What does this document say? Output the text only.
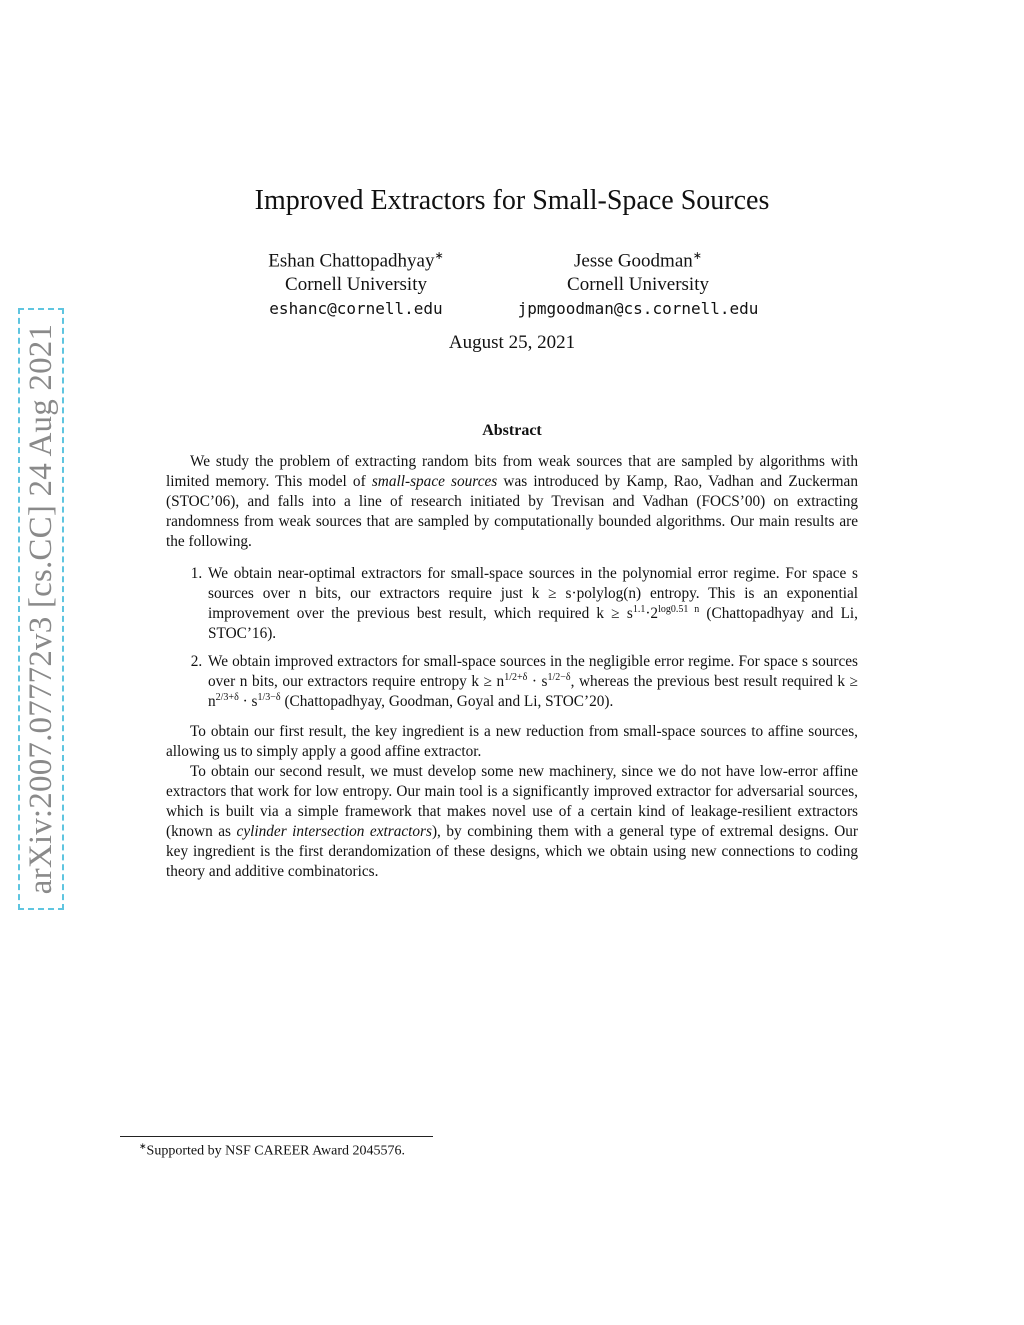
arXiv:2007.07772v3 [cs.CC] 24 Aug 2021
Improved Extractors for Small-Space Sources
Eshan Chattopadhyay∗
Cornell University
eshanc@cornell.edu
Jesse Goodman∗
Cornell University
jpmgoodman@cs.cornell.edu
August 25, 2021
Abstract

We study the problem of extracting random bits from weak sources that are sampled by algorithms with limited memory. This model of small-space sources was introduced by Kamp, Rao, Vadhan and Zuckerman (STOC’06), and falls into a line of research initiated by Trevisan and Vadhan (FOCS’00) on extracting randomness from weak sources that are sampled by computationally bounded algorithms. Our main results are the following.

1. We obtain near-optimal extractors for small-space sources in the polynomial error regime. For space s sources over n bits, our extractors require just k ≥ s·polylog(n) entropy. This is an exponential improvement over the previous best result, which required $k \ge s^{1.1}\cdot 2^{log0.51 n}$ (Chattopadhyay and Li, STOC’16).
2. We obtain improved extractors for small-space sources in the negligible error regime. For space s sources over n bits, our extractors require entropy $k \ge n^{1/2+\delta} \cdot s^{1/2-\delta}$, whereas the previous best result required $k \ge n^{2/3+\delta} \cdot s^{1/3-\delta}$ (Chattopadhyay, Goodman, Goyal and Li, STOC’20).

To obtain our first result, the key ingredient is a new reduction from small-space sources to affine sources, allowing us to simply apply a good affine extractor.

To obtain our second result, we must develop some new machinery, since we do not have low-error affine extractors that work for low entropy. Our main tool is a significantly improved extractor for adversarial sources, which is built via a simple framework that makes novel use of a certain kind of leakage-resilient extractors (known as cylinder intersection extractors), by combining them with a general type of extremal designs. Our key ingredient is the first derandomization of these designs, which we obtain using new connections to coding theory and additive combinatorics.

∗Supported by NSF CAREER Award 2045576.
